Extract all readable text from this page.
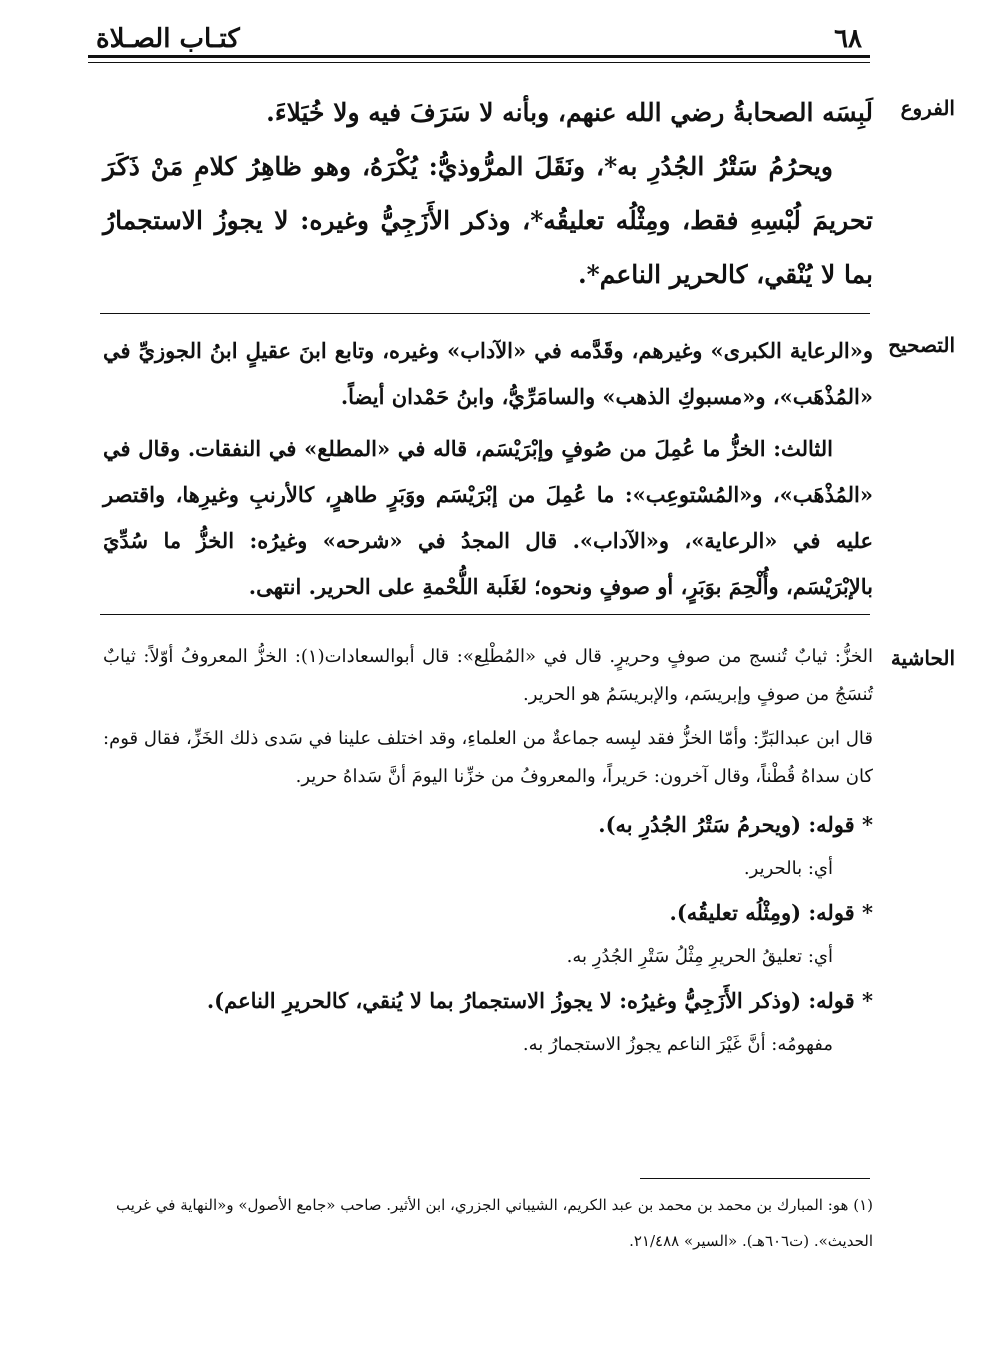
٦٨
كتـاب الصـلاة
الفروع

لَبِسَه الصحابةُ رضي الله عنهم، وبأنه لا سَرَفَ فيه ولا خُيَلاءَ.

ويحرُمُ سَتْرُ الجُدُرِ به*، ونَقَلَ المرُّوذيُّ: يُكْرَهُ، وهو ظاهِرُ كلامِ مَنْ ذَكَرَ تحريمَ لُبْسِهِ فقط، ومِثْلُه تعليقُه*، وذكر الأَزَجِيُّ وغيره: لا يجوزُ الاستجمارُ بما لا يُنْقي، كالحرير الناعم*.

التصحيح

و«الرعاية الكبرى» وغيرهم، وقَدَّمه في «الآداب» وغيره، وتابع ابنَ عقيلٍ ابنُ الجوزيِّ في «المُذْهَب»، و«مسبوكِ الذهب» والسامَرِّيُّ، وابنُ حَمْدان أيضاً.

الثالث: الخزُّ ما عُمِلَ من صُوفٍ وإبْرَيْسَم، قاله في «المطلع» في النفقات. وقال في «المُذْهَب»، و«المُسْتوعِب»: ما عُمِلَ من إبْرَيْسَم ووَبَرٍ طاهرٍ، كالأرنبِ وغيرِها، واقتصر عليه في «الرعاية»، و«الآداب». قال المجدُ في «شرحه» وغيرُه: الخزُّ ما سُدِّيَ بالإبْرَيْسَم، وأُلْحِمَ بوَبَرٍ، أو صوفٍ ونحوه؛ لغَلَبة اللُّحْمةِ على الحرير. انتهى.

الحاشية

الخزُّ: ثيابٌ تُنسج من صوفٍ وحريرٍ. قال في «المُطْلِع»: قال أبوالسعادات(١): الخزُّ المعروفُ أوّلاً: ثيابٌ تُنسَجُ من صوفٍ وإبريسَم، والإبريسَمُ هو الحرير.

قال ابن عبدالبَرِّ: وأمّا الخزُّ فقد لبِسه جماعةٌ من العلماءِ، وقد اختلف علينا في سَدى ذلك الخَزِّ، فقال قوم: كان سداهُ قُطْناً، وقال آخرون: حَريراً، والمعروفُ من خزِّنا اليومَ أنَّ سَداهُ حرير.

* قوله: (ويحرمُ سَتْرُ الجُدُرِ به).

أي: بالحرير.

* قوله: (ومِثْلُه تعليقُه).

أي: تعليقُ الحريرِ مِثْلُ سَتْرِ الجُدُرِ به.

* قوله: (وذكر الأَزَجِيُّ وغيرُه: لا يجوزُ الاستجمارُ بما لا يُنقي، كالحريرِ الناعم).

مفهومُه: أنَّ غَيْرَ الناعم يجوزُ الاستجمارُ به.

(١) هو: المبارك بن محمد بن محمد بن عبد الكريم، الشيباني الجزري، ابن الأثير. صاحب «جامع الأصول» و«النهاية في غريب الحديث». (ت٦٠٦هـ). «السير» ٢١/٤٨٨.
